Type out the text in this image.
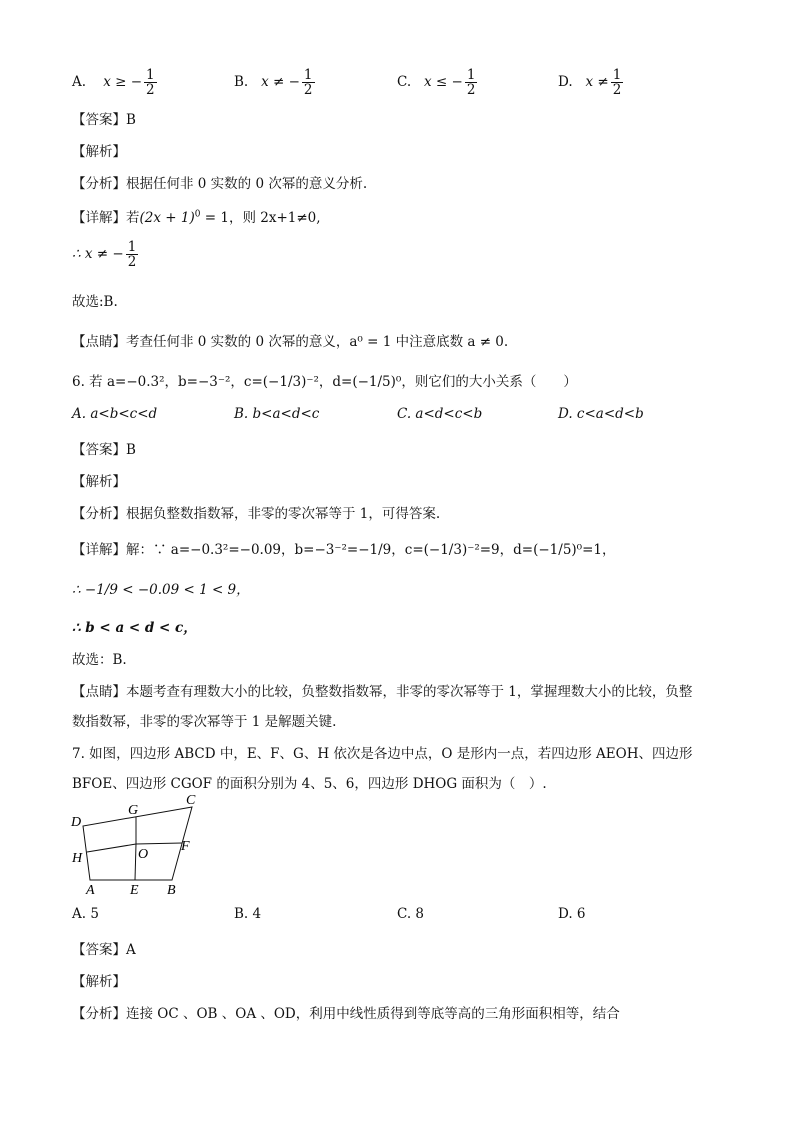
A. x ≥ − $\frac{1}{2}$	B. x ≠ − $\frac{1}{2}$	C. x ≤ − $\frac{1}{2}$	D. $x \ne \frac{1}{2}$
【答案】B
【解析】
【分析】根据任何非 0 实数的 0 次幂的意义分析.
【详解】若$(2x + 1)^0 = 1$，则 2x+1≠0,
∴ x ≠ − $\frac{1}{2}$
故选:B.
【点睛】考查任何非 0 实数的 0 次幂的意义，a⁰ = 1 中注意底数 a ≠ 0.
6. 若 a=−0.3²，b=−3⁻²，c=(−1/3)⁻²，d=(−1/5)⁰，则它们的大小关系（　　）
A. a<b<c<d	B. b<a<d<c	C. a<d<c<b	D. c<a<d<b
【答案】B
【解析】
【分析】根据负整数指数幂，非零的零次幂等于 1，可得答案.
【详解】解：∵ a=−0.3²=−0.09，b=−3⁻²=−1/9，c=(−1/3)⁻²=9，d=(−1/5)⁰=1，
∴ −1/9 < −0.09 < 1 < 9，
∴ b < a < d < c，
故选：B.
【点睛】本题考查有理数大小的比较，负整数指数幂，非零的零次幂等于 1，掌握理数大小的比较，负整
数指数幂，非零的零次幂等于 1 是解题关键.
7. 如图，四边形 ABCD 中，E、F、G、H 依次是各边中点，O 是形内一点，若四边形 AEOH、四边形
BFOE、四边形 CGOF 的面积分别为 4、5、6，四边形 DHOG 面积为（　）.
A	B
C
D
E
F
G
H	O
A. 5	B. 4	C. 8	D. 6
【答案】A
【解析】
【分析】连接 OC 、OB 、OA 、OD，利用中线性质得到等底等高的三角形面积相等，结合
